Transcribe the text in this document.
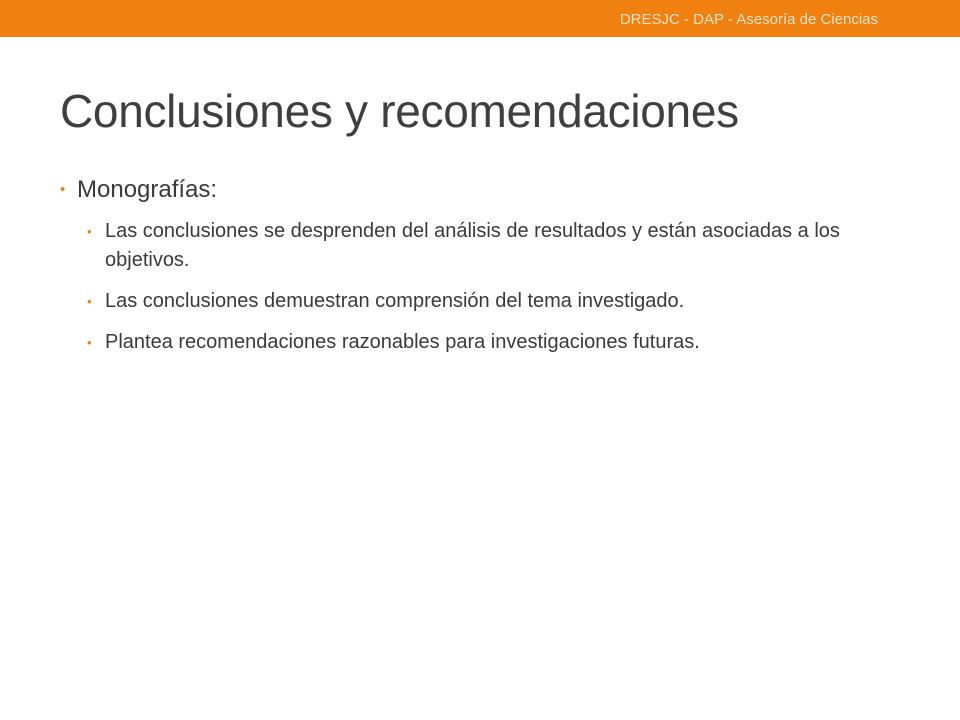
DRESJC - DAP - Asesoría de Ciencias
Conclusiones y recomendaciones
• Monografías:
• Las conclusiones se desprenden del análisis de resultados y están asociadas a los objetivos.
• Las conclusiones demuestran comprensión del tema investigado.
• Plantea recomendaciones razonables para investigaciones futuras.
